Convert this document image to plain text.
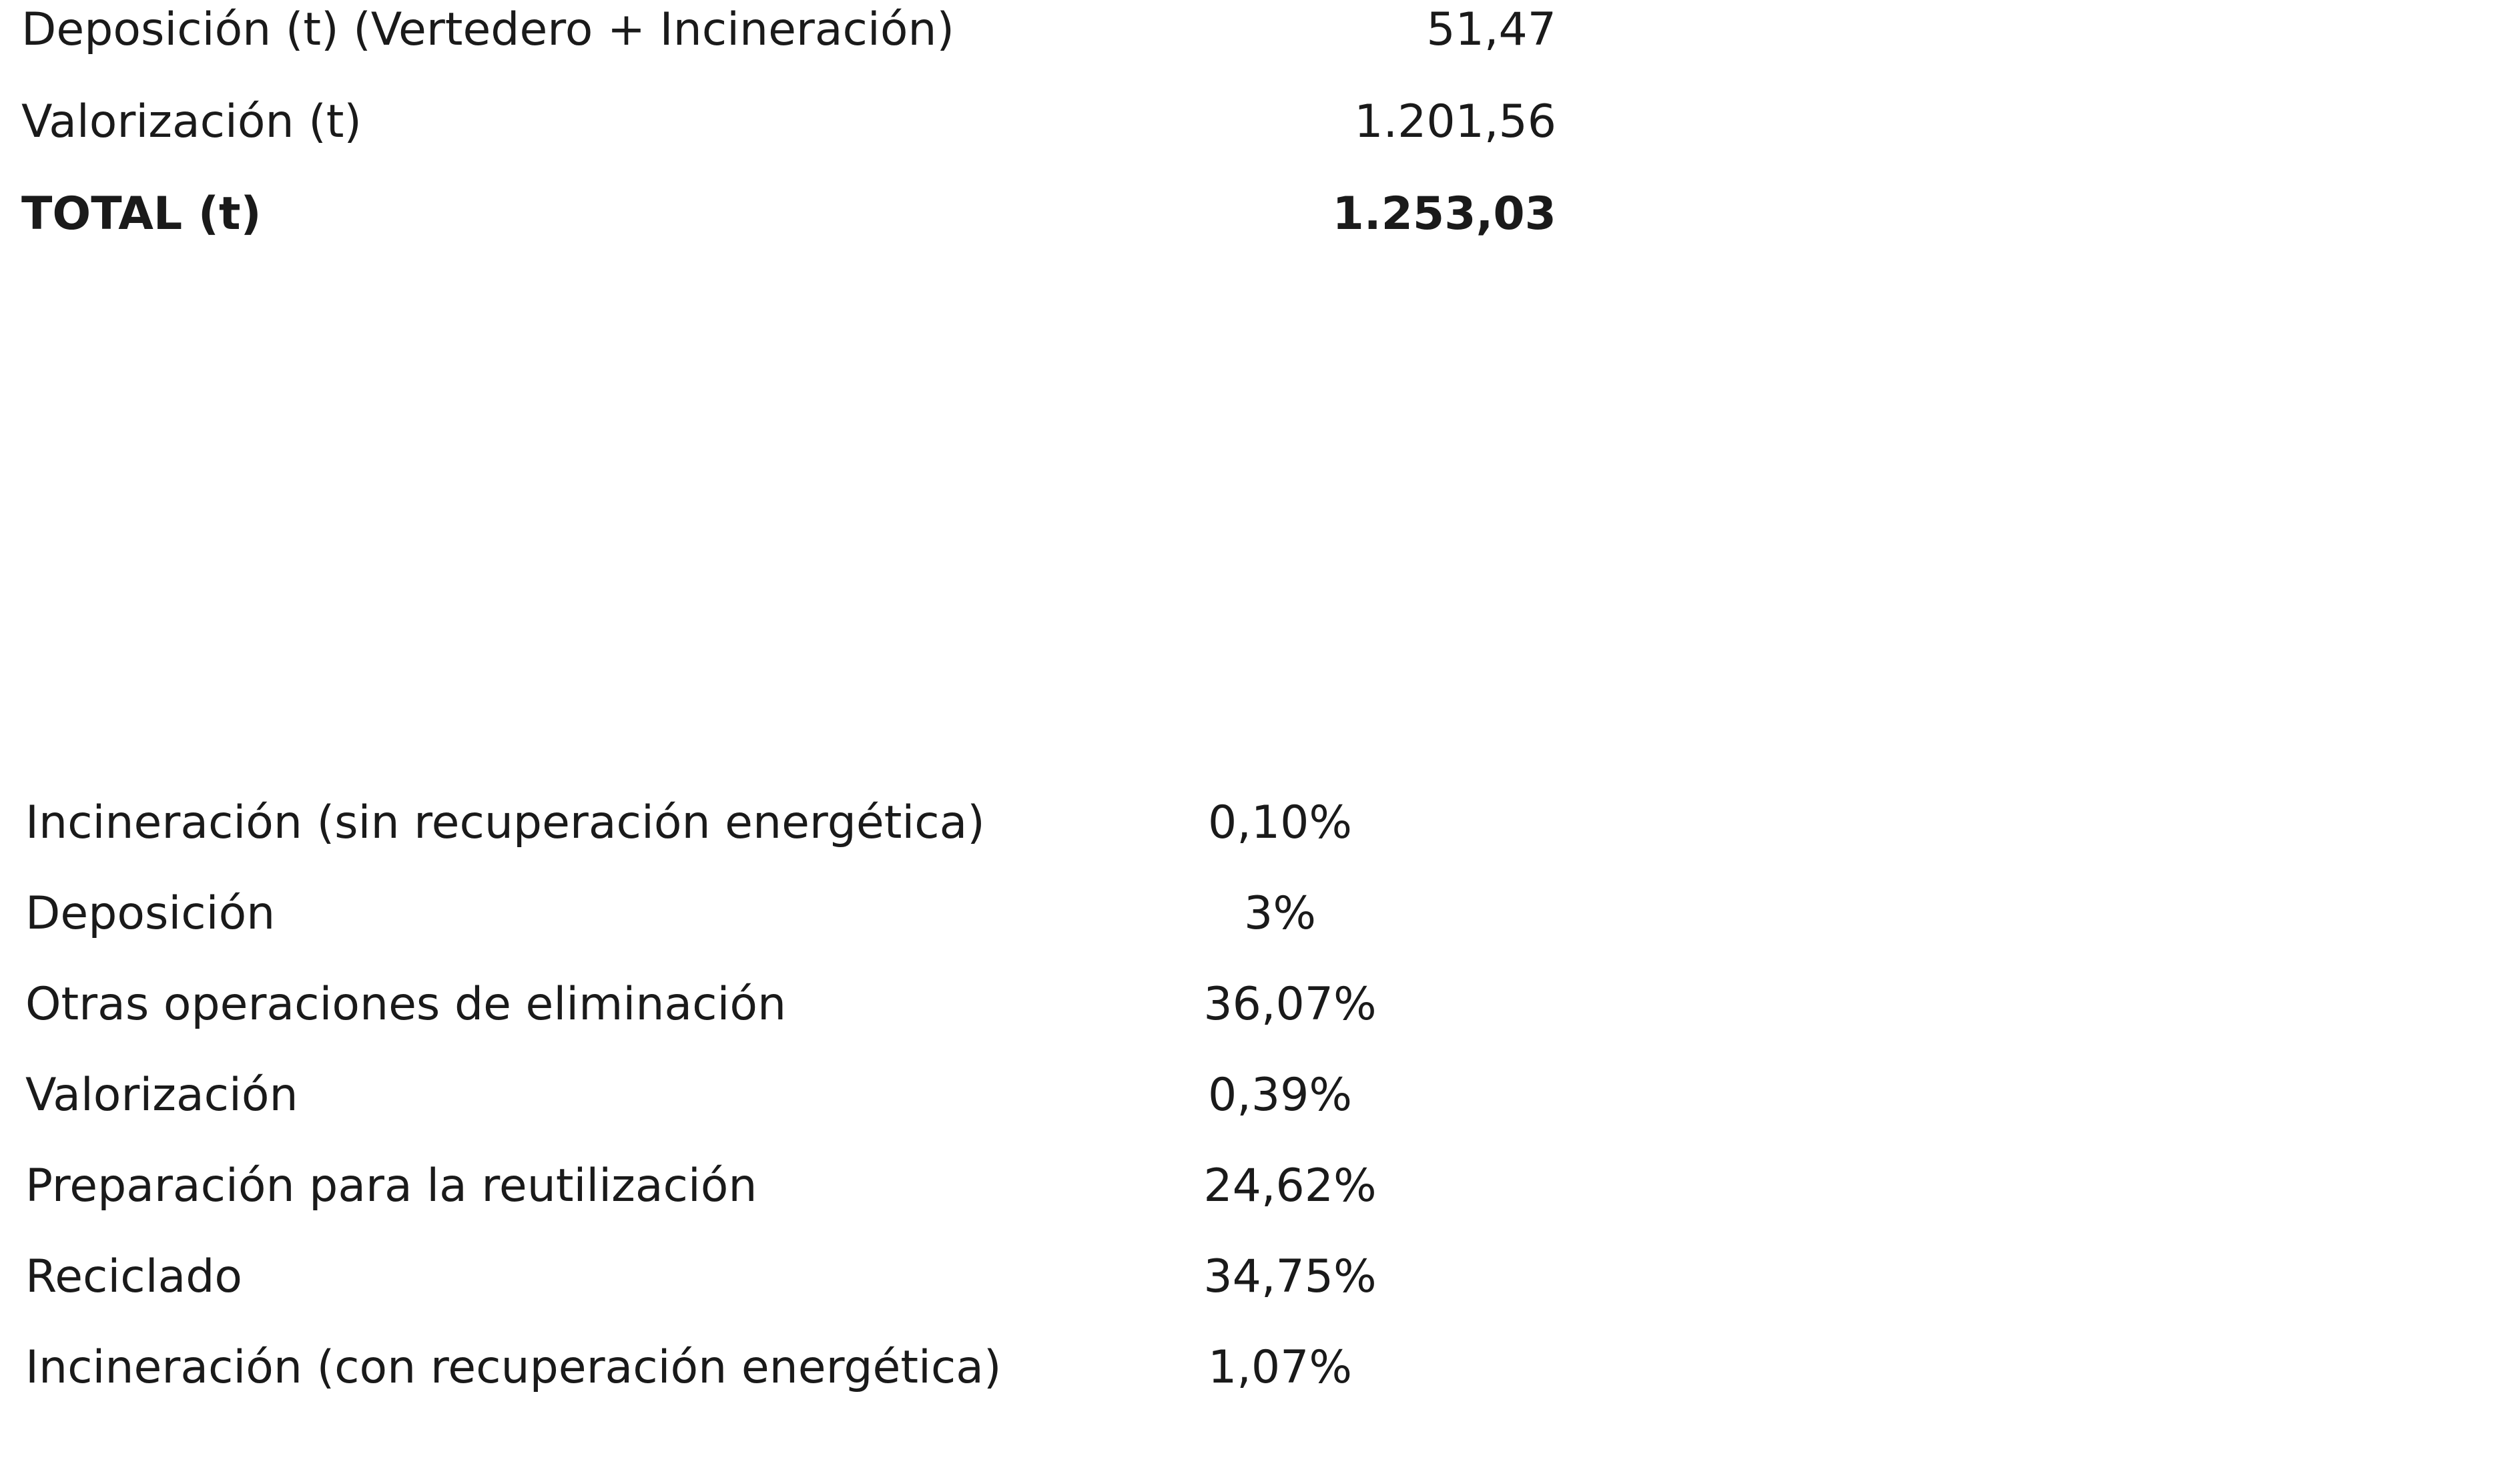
Deposición (t) (Vertedero + Incineración)	51,47
Valorización (t)	1.201,56
TOTAL (t)	1.253,03
Incineración (sin recuperación energética)	0,10%
Deposición	3%
Otras operaciones de eliminación	36,07%
Valorización	0,39%
Preparación para la reutilización	24,62%
Reciclado	34,75%
Incineración (con recuperación energética)	1,07%
